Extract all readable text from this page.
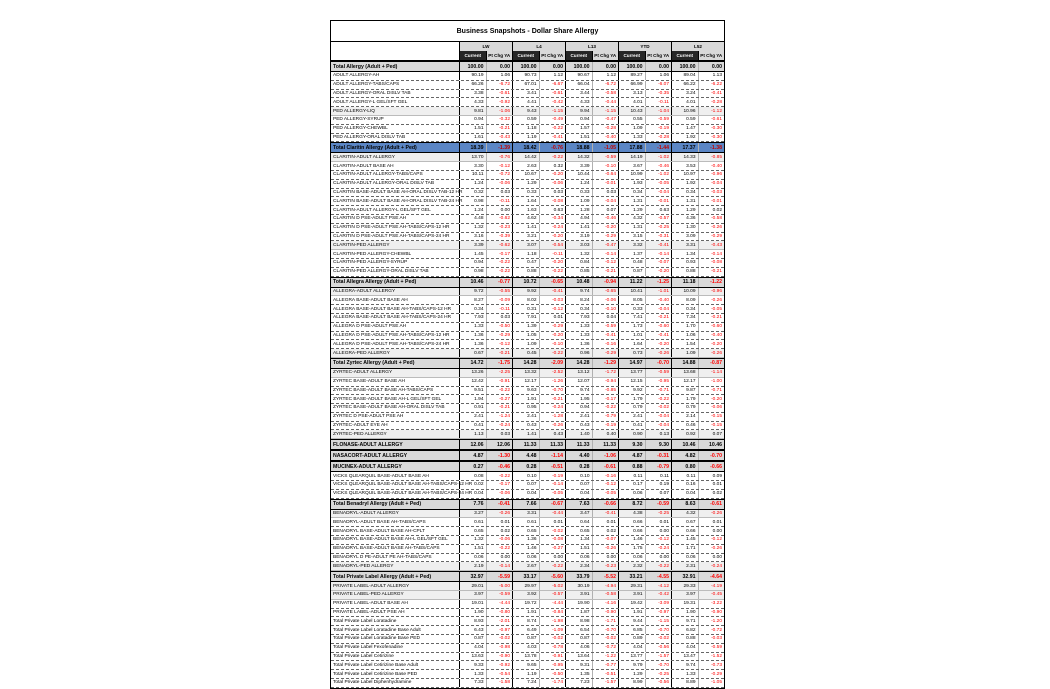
Business Snapshots - Dollar Share Allergy
LW	L4	L13	YTD	L52
Current	Pt Chg YA	Current	Pt Chg YA	Current	Pt Chg YA	Current	Pt Chg YA	Current	Pt Chg YA
Total Allergy (Adult + Ped)	100.00	0.00	100.00	0.00	100.00	0.00	100.00	0.00	100.00	0.00
ADULT ALLERGY-AH	90.19	1.06	90.73	1.12	90.67	1.12	89.27	1.06	89.04	1.13
ADULT ALLERGY-TABS/CAPS	66.26	-6.72	67.01	-6.67	66.04	-6.72	66.99	-6.07	66.22	-6.22
ADULT ALLERGY-ORAL DISLV TAB	3.38	-0.61	3.41	-0.61	3.44	-0.58	3.13	-0.35	3.24	-0.41
ADULT ALLERGY-L GEL/SFT GEL	4.33	-0.92	4.41	-0.42	4.33	-0.44	4.01	-0.11	4.01	-0.28
PED ALLERGY-LIQ	9.81	-1.06	9.43	-1.15	9.94	-1.15	10.43	-1.04	10.96	-1.12
PED ALLERGY-SYRUP	0.94	-0.32	0.59	-0.49	0.94	-0.47	0.55	-0.59	0.59	-0.61
PED ALLERGY-CHEWBL	1.51	-0.21	1.18	-0.22	1.57	-0.28	1.09	-0.19	1.47	-0.30
PED ALLERGY-ORAL DISLV TAB	1.61	-0.43	1.19	-0.41	1.51	-0.40	1.33	-0.28	1.92	-0.30
Total Claritin Allergy (Adult + Ped)	18.39	-1.39	18.42	-0.76	18.88	-1.05	17.88	-1.44	17.37	-1.38
CLARITIN-ADULT ALLERGY	13.70	-0.76	14.42	-0.22	14.32	-0.59	14.19	-1.02	14.33	-0.85
CLARITIN-ADULT BASE AH	3.30	-0.12	2.63	0.32	3.39	-0.10	3.67	-0.46	3.53	-0.40
CLARITIN-ADULT ALLERGY-TABS/CAPS	10.11	-0.72	10.67	-0.20	10.44	-0.64	10.99	-1.02	10.97	-0.96
CLARITIN-ADULT ALLERGY-ORAL DISLV TAB	1.24	-0.06	1.29	-0.06	1.24	-0.01	1.93	-0.05	1.92	-0.04
CLARITIN BASE-ADULT BASE AH-ORAL DISLV TAB-12 HR	0.32	0.03	0.33	0.03	0.33	0.03	0.34	-0.04	0.34	-0.03
CLARITIN BASE-ADULT BASE AH-ORAL DISLV TAB-24 HR	0.98	-0.11	1.64	-0.08	1.09	-0.04	1.31	-0.01	1.31	-0.01
CLARITIN-ADULT ALLERGY-L GEL/SFT GEL	1.24	0.00	1.63	0.63	1.28	0.07	1.29	0.63	1.29	0.02
CLARITIN D PSE-ADULT PSE AH	4.48	-0.62	4.62	-0.34	4.94	-0.46	4.32	-0.57	4.36	-0.58
CLARITIN D PSE-ADULT PSE AH-TABS/CAPS-12 HR	1.32	-0.23	1.41	-0.24	1.41	-0.20	1.31	-0.25	1.30	-0.26
CLARITIN D PSE-ADULT PSE AH-TABS/CAPS-24 HR	3.16	-0.39	3.21	-0.20	3.19	-0.29	3.15	-0.31	3.09	-0.29
CLARITIN-PED ALLERGY	3.39	-0.62	3.07	-0.54	3.03	-0.47	3.32	-0.41	3.31	-0.43
CLARITIN-PED ALLERGY-CHEWBL	1.45	-0.17	1.18	-0.11	1.32	-0.14	1.37	-0.14	1.34	-0.14
CLARITIN-PED ALLERGY-SYRUP	0.94	-0.22	0.47	-0.20	0.84	-0.12	0.48	-0.07	0.93	-0.08
CLARITIN-PED ALLERGY-ORAL DISLV TAB	0.98	-0.22	0.88	-0.22	0.85	-0.21	0.87	-0.20	0.88	-0.21
Total Allegra Allergy (Adult + Ped)	10.46	-0.77	10.72	-0.65	10.48	-0.94	11.22	-1.25	11.18	-1.22
ALLEGRA-ADULT ALLERGY	9.72	-0.55	9.92	-0.41	9.74	-0.65	10.41	-1.01	10.09	-0.96
ALLEGRA BASE-ADULT BASE AH	8.27	-0.09	8.02	-0.03	8.24	-0.06	8.05	-0.40	8.09	-0.26
ALLEGRA BASE-ADULT BASE AH-TABS/CAPS-12 HR	0.34	-0.11	0.31	-0.12	0.34	-0.10	0.33	-0.04	0.34	-0.05
ALLEGRA BASE-ADULT BASE AH-TABS/CAPS-24 HR	7.93	0.03	7.91	0.01	7.93	0.04	7.41	-0.21	7.34	-0.21
ALLEGRA D PSE-ADULT PSE AH	1.33	-0.50	1.39	-0.29	1.33	-0.59	1.73	-0.60	1.70	-0.60
ALLEGRA D PSE-ADULT PSE AH-TABS/CAPS-12 HR	1.36	-0.29	1.05	-0.20	1.33	-0.41	1.01	-0.41	1.06	-0.40
ALLEGRA D PSE-ADULT PSE AH-TABS/CAPS-24 HR	1.36	-0.12	1.09	-0.10	1.36	-0.16	1.64	-0.20	1.54	-0.20
ALLEGRA-PED ALLERGY	0.67	-0.21	0.45	-0.22	0.96	-0.29	0.73	-0.26	1.09	-0.26
Total Zyrtec Allergy (Adult + Ped)	14.72	-1.75	14.28	-2.09	14.28	-1.29	14.97	-0.70	14.88	-0.87
ZYRTEC-ADULT ALLERGY	13.26	-2.25	13.32	-2.52	13.12	-1.72	13.77	-0.59	13.68	-1.14
ZYRTEC BASE-ADULT BASE AH	12.42	-0.91	12.17	-1.26	12.07	-0.94	12.15	-0.95	12.17	-1.00
ZYRTEC BASE-ADULT BASE AH-TABS/CAPS	9.51	-0.22	9.63	-0.70	9.74	-0.85	9.92	-0.71	9.87	-0.71
ZYRTEC BASE-ADULT BASE AH-L GEL/SFT GEL	1.94	-0.27	1.91	-0.21	1.95	-0.17	1.79	-0.22	1.79	-0.20
ZYRTEC BASE-ADULT BASE AH-ORAL DISLV TAB	0.91	-0.21	0.95	-0.24	0.94	-0.22	0.79	-0.02	0.79	-0.06
ZYRTEC D PSE-ADULT PSE AH	2.41	-1.24	2.41	-1.28	2.41	-0.79	2.41	-0.04	2.14	-0.15
ZYRTEC-ADULT EYE AH	0.41	-0.24	0.43	-0.26	0.43	-0.19	0.41	-0.04	0.46	-0.15
ZYRTEC-PED ALLERGY	1.13	0.03	1.41	0.43	1.40	0.40	0.90	0.13	0.92	0.07
FLONASE-ADULT ALLERGY	12.06	12.06	11.33	11.33	11.33	11.33	9.30	9.30	10.46	10.46
NASACORT-ADULT ALLERGY	4.87	-1.30	4.48	-1.14	4.40	-1.06	4.87	-0.31	4.82	-0.70
MUCINEX-ADULT ALLERGY	0.27	-0.46	0.28	-0.51	0.28	-0.61	0.88	-0.79	0.80	-0.66
VICKS QLEARQUIL BASE-ADULT BASE AH	0.08	-0.22	0.10	-0.19	0.10	-0.16	0.11	0.11	0.11	0.09
VICKS QLEARQUIL BASE-ADULT BASE AH-TABS/CAPS-12 HR 0.02	-0.17	0.07	-0.14	0.07	-0.12	0.17	0.19	0.16	0.01
VICKS QLEARQUIL BASE-ADULT BASE AH-TABS/CAPS-24 HR 0.04	-0.06	0.04	-0.05	0.04	-0.05	0.06	0.07	0.04	0.02
Total Benadryl Allergy (Adult + Ped)	7.76	-0.41	7.66	-0.67	7.63	-0.66	8.72	-0.59	8.63	-0.61
BENADRYL-ADULT ALLERGY	3.27	-0.26	3.31	-0.44	3.47	-0.41	4.38	-0.25	4.32	-0.26
BENADRYL-ADULT BASE AH-TABS/CAPS	0.61	0.01	0.61	0.01	0.64	0.01	0.66	0.01	0.67	0.01
BENADRYL BASE-ADULT BASE AH-CPLT	0.65	0.02	0.65	-0.02	0.65	0.02	0.66	0.00	0.66	0.00
BENADRYL BASE-ADULT BASE AH-L GEL/SFT GEL	1.32	-0.06	1.36	-0.08	1.34	-0.07	1.46	-0.12	1.45	-0.12
BENADRYL BASE-ADULT BASE AH-TABS/CAPS	1.51	-0.22	1.46	-0.27	1.51	-0.26	1.75	-0.24	1.71	-0.26
BENADRYL D PE-ADULT PE AH-TABS/CAPS	0.06	0.00	0.06	0.00	0.06	0.00	0.06	0.00	0.06	0.00
BENADRYL-PED ALLERGY	2.19	-0.14	2.67	-0.22	2.34	-0.23	2.32	-0.22	2.31	-0.24
Total Private Label Allergy (Adult + Ped)	32.97	-5.59	33.17	-5.60	33.79	-5.52	33.21	-4.55	32.91	-4.64
PRIVATE LABEL-ADULT ALLERGY	29.01	-5.00	29.97	-5.02	30.19	-4.94	29.31	-4.12	29.33	-4.19
PRIVATE LABEL-PED ALLERGY	3.97	-0.59	3.92	-0.57	3.91	-0.58	3.91	-0.42	3.97	-0.45
PRIVATE LABEL-ADULT BASE AH	19.01	-4.44	19.72	-4.44	19.90	-4.16	19.42	-3.09	19.31	-3.22
PRIVATE LABEL-ADULT PSE AH	1.90	-0.80	1.91	-0.84	1.87	-0.90	1.91	-0.97	1.90	-0.90
Total Private Label Loratadine	8.93	-2.01	8.74	-1.98	8.98	-1.71	9.44	-1.15	9.71	-1.20
Total Private Label Loratadine Base Adult	6.43	-0.97	6.49	-1.09	6.54	-0.70	6.85	-0.70	6.82	-0.72
Total Private Label Loratadine Base PED	0.87	-0.02	0.87	-0.02	0.87	-0.02	0.89	-0.02	0.88	-0.03
Total Private Label Fexofenadine	4.04	-0.98	4.03	-0.78	4.06	-0.72	4.04	-0.56	4.04	-0.59
Total Private Label Cetirizine	13.63	-0.90	13.78	-0.91	13.64	-1.22	13.77	-1.57	13.47	-1.52
Total Private Label Cetirizine Base Adult	9.33	-0.92	9.65	-0.95	9.31	-0.77	9.79	-0.70	9.74	-0.73
Total Private Label Cetirizine Base PED	1.33	-0.54	1.19	-0.50	1.35	-0.51	1.29	-0.25	1.33	-0.29
Total Private Label Diphenhydramine	7.33	-1.58	7.24	-1.74	7.23	-1.57	8.99	-0.56	8.89	-1.05
